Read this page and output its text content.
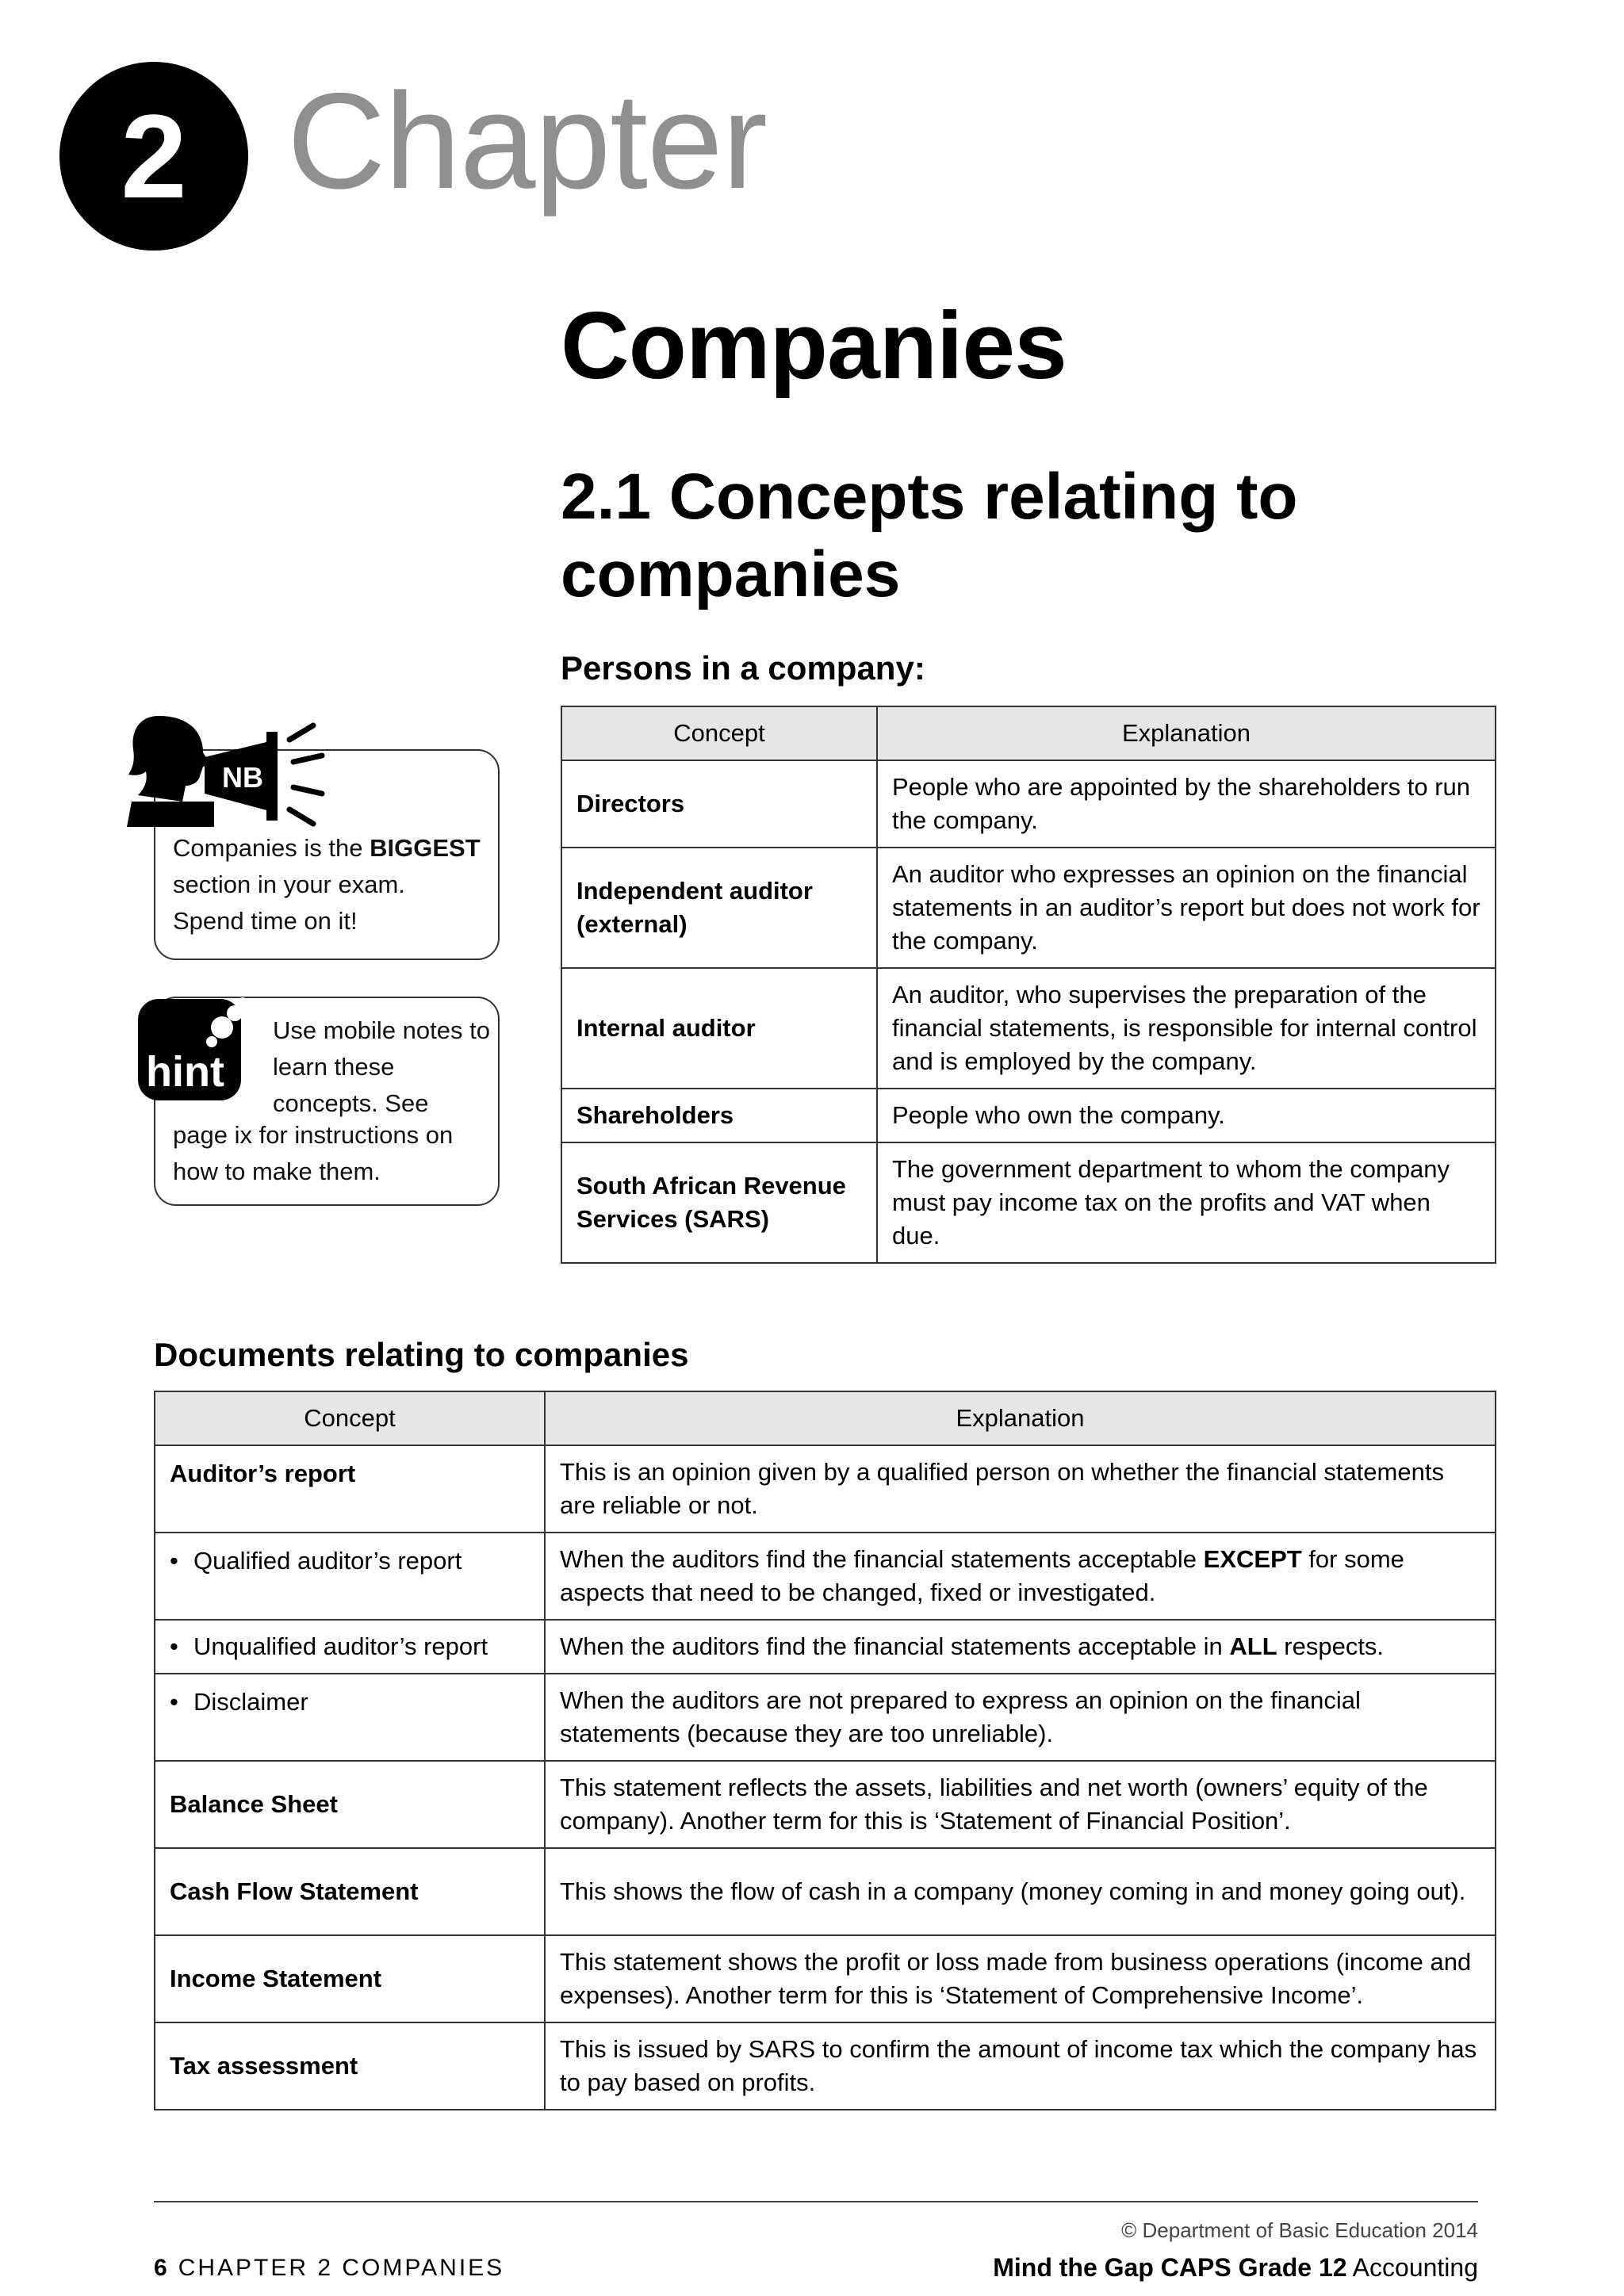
2 Chapter
Companies
2.1 Concepts relating to companies
Companies is the BIGGEST section in your exam.
Spend time on it!
NB
Use mobile notes to learn these concepts. See
page ix for instructions on how to make them.
hint
Persons in a company:
Concept	Explanation
Directors	People who are appointed by the shareholders to run the company.
Independent auditor (external)	An auditor who expresses an opinion on the financial statements in an auditor’s report but does not work for the company.
Internal auditor	An auditor, who supervises the preparation of the financial statements, is responsible for internal control and is employed by the company.
Shareholders	People who own the company.
South African Revenue Services (SARS)	The government department to whom the company must pay income tax on the profits and VAT when due.
Documents relating to companies
Concept	Explanation
Auditor’s report	This is an opinion given by a qualified person on whether the financial statements are reliable or not.
• Qualified auditor’s report	When the auditors find the financial statements acceptable EXCEPT for some aspects that need to be changed, fixed or investigated.
• Unqualified auditor’s report	When the auditors find the financial statements acceptable in ALL respects.
• Disclaimer	When the auditors are not prepared to express an opinion on the financial statements (because they are too unreliable).
Balance Sheet	This statement reflects the assets, liabilities and net worth (owners’ equity of the company). Another term for this is ‘Statement of Financial Position’.
Cash Flow Statement	This shows the flow of cash in a company (money coming in and money going out).
Income Statement	This statement shows the profit or loss made from business operations (income and expenses). Another term for this is ‘Statement of Comprehensive Income’.
Tax assessment	This is issued by SARS to confirm the amount of income tax which the company has to pay based on profits.
© Department of Basic Education 2014
6 CHAPTER 2 COMPANIES	Mind the Gap CAPS Grade 12 Accounting
